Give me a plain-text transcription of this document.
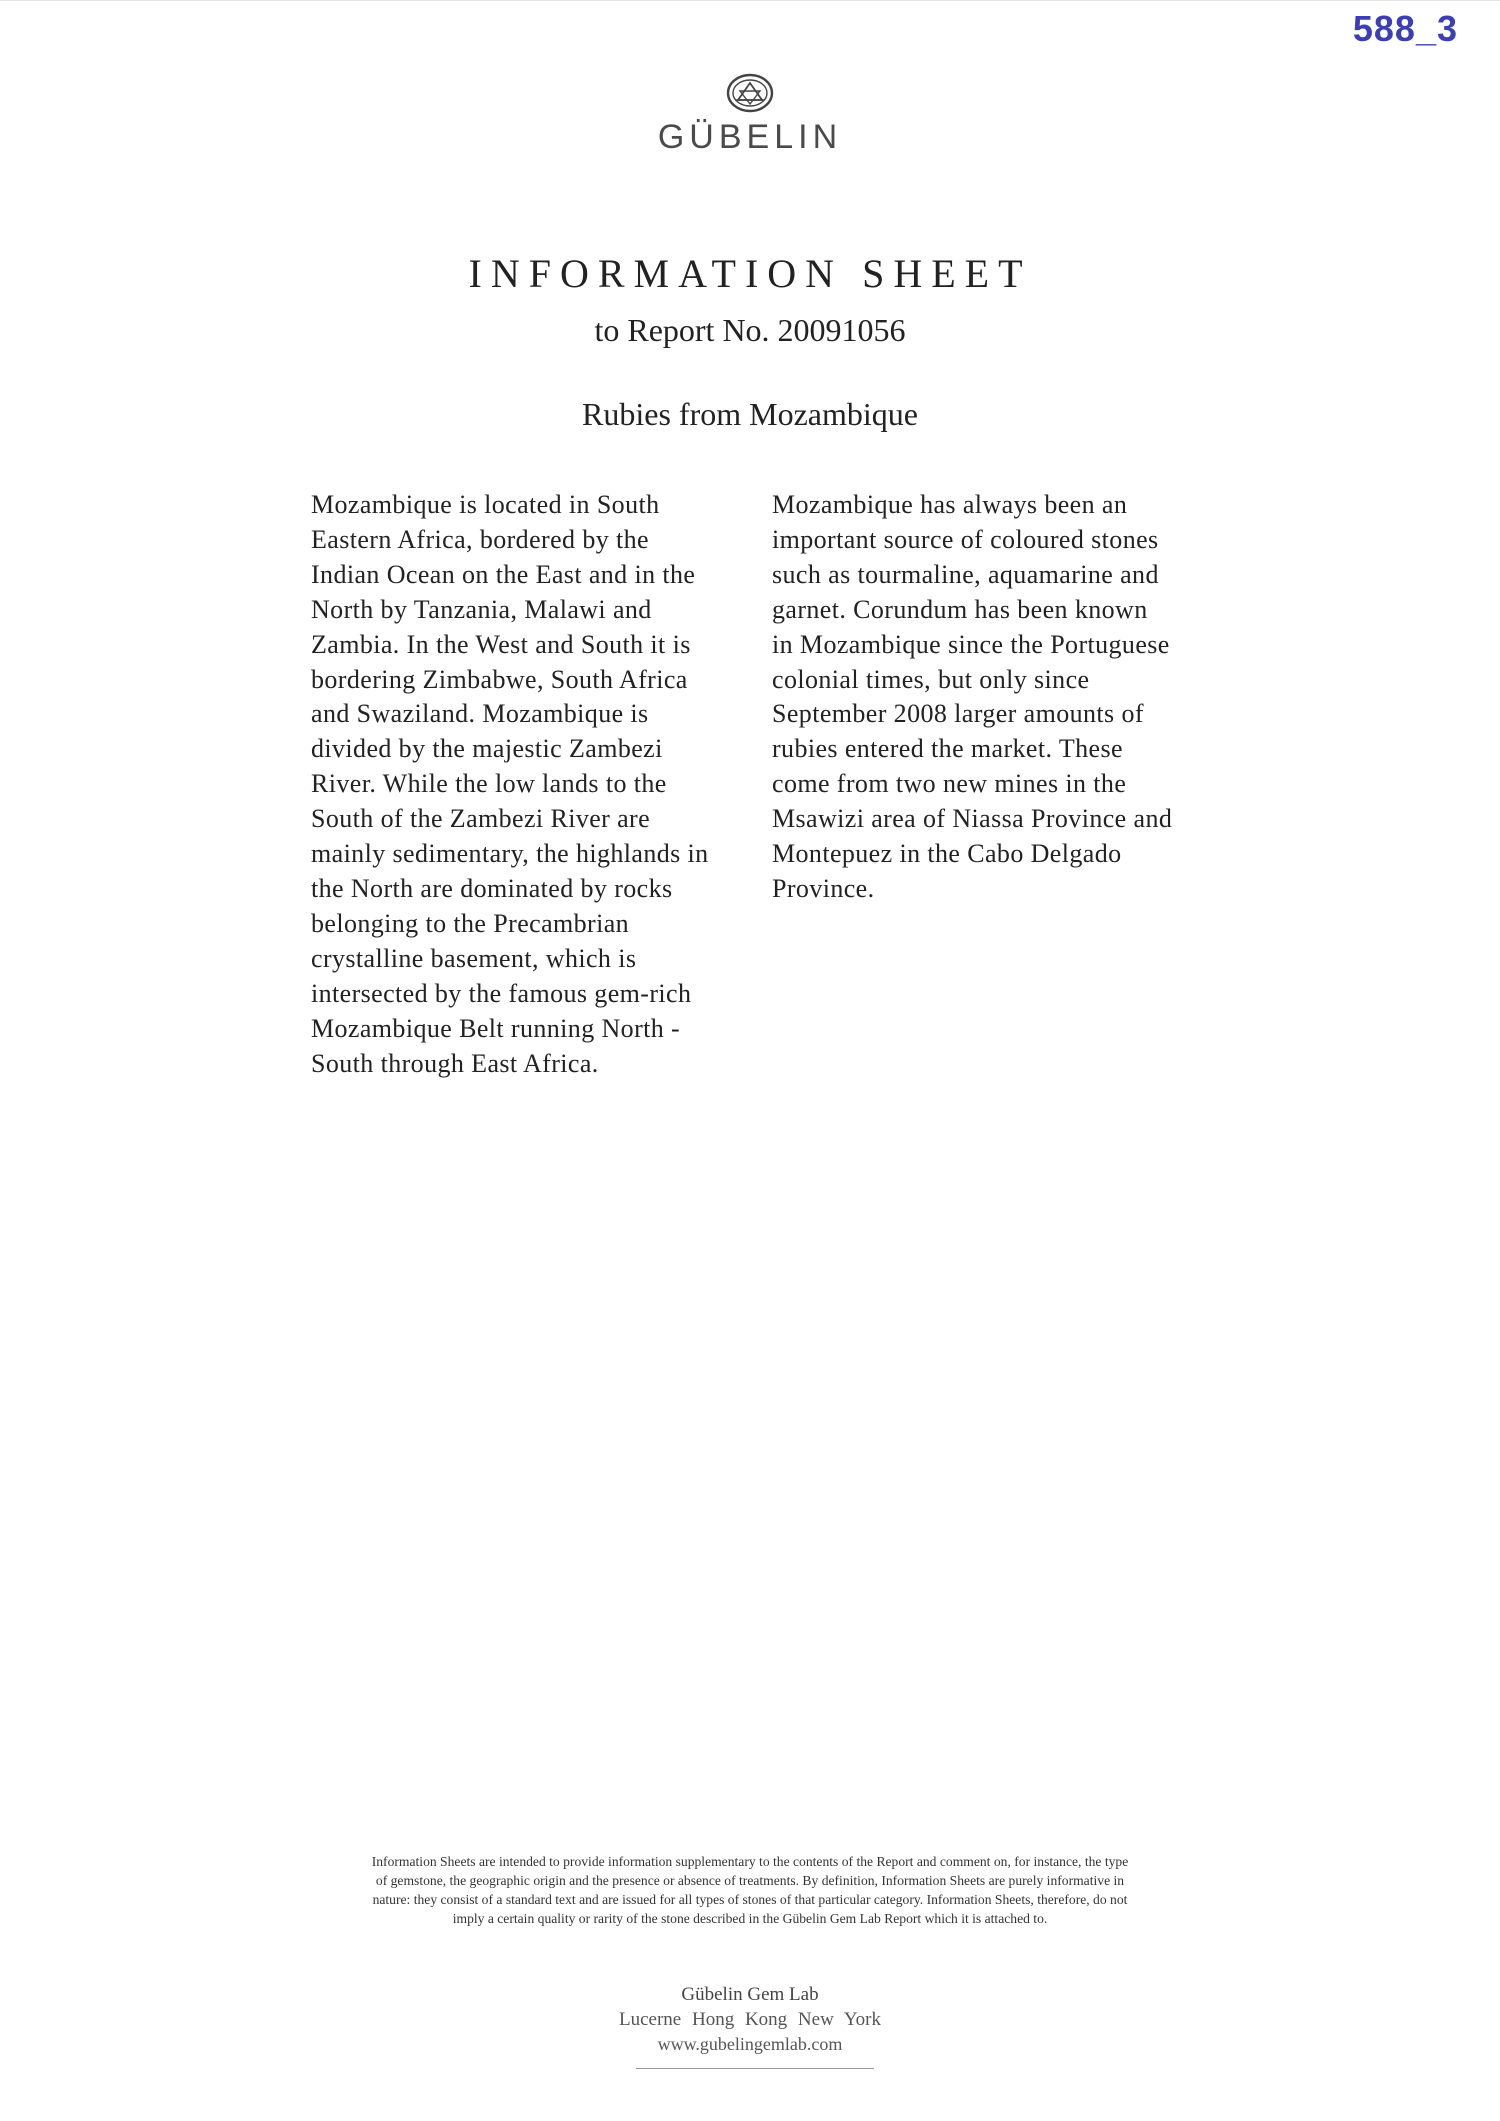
588_3
GÜBELIN
INFORMATION SHEET
to Report No. 20091056
Rubies from Mozambique
Mozambique is located in South
Eastern Africa, bordered by the
Indian Ocean on the East and in the
North by Tanzania, Malawi and
Zambia. In the West and South it is
bordering Zimbabwe, South Africa
and Swaziland. Mozambique is
divided by the majestic Zambezi
River. While the low lands to the
South of the Zambezi River are
mainly sedimentary, the highlands in
the North are dominated by rocks
belonging to the Precambrian
crystalline basement, which is
intersected by the famous gem-rich
Mozambique Belt running North -
South through East Africa.
Mozambique has always been an
important source of coloured stones
such as tourmaline, aquamarine and
garnet. Corundum has been known
in Mozambique since the Portuguese
colonial times, but only since
September 2008 larger amounts of
rubies entered the market. These
come from two new mines in the
Msawizi area of Niassa Province and
Montepuez in the Cabo Delgado
Province.
Information Sheets are intended to provide information supplementary to the contents of the Report and comment on, for instance, the type
of gemstone, the geographic origin and the presence or absence of treatments. By definition, Information Sheets are purely informative in
nature: they consist of a standard text and are issued for all types of stones of that particular category. Information Sheets, therefore, do not
imply a certain quality or rarity of the stone described in the Gübelin Gem Lab Report which it is attached to.
Gübelin Gem Lab
Lucerne Hong Kong New York
www.gubelingemlab.com
